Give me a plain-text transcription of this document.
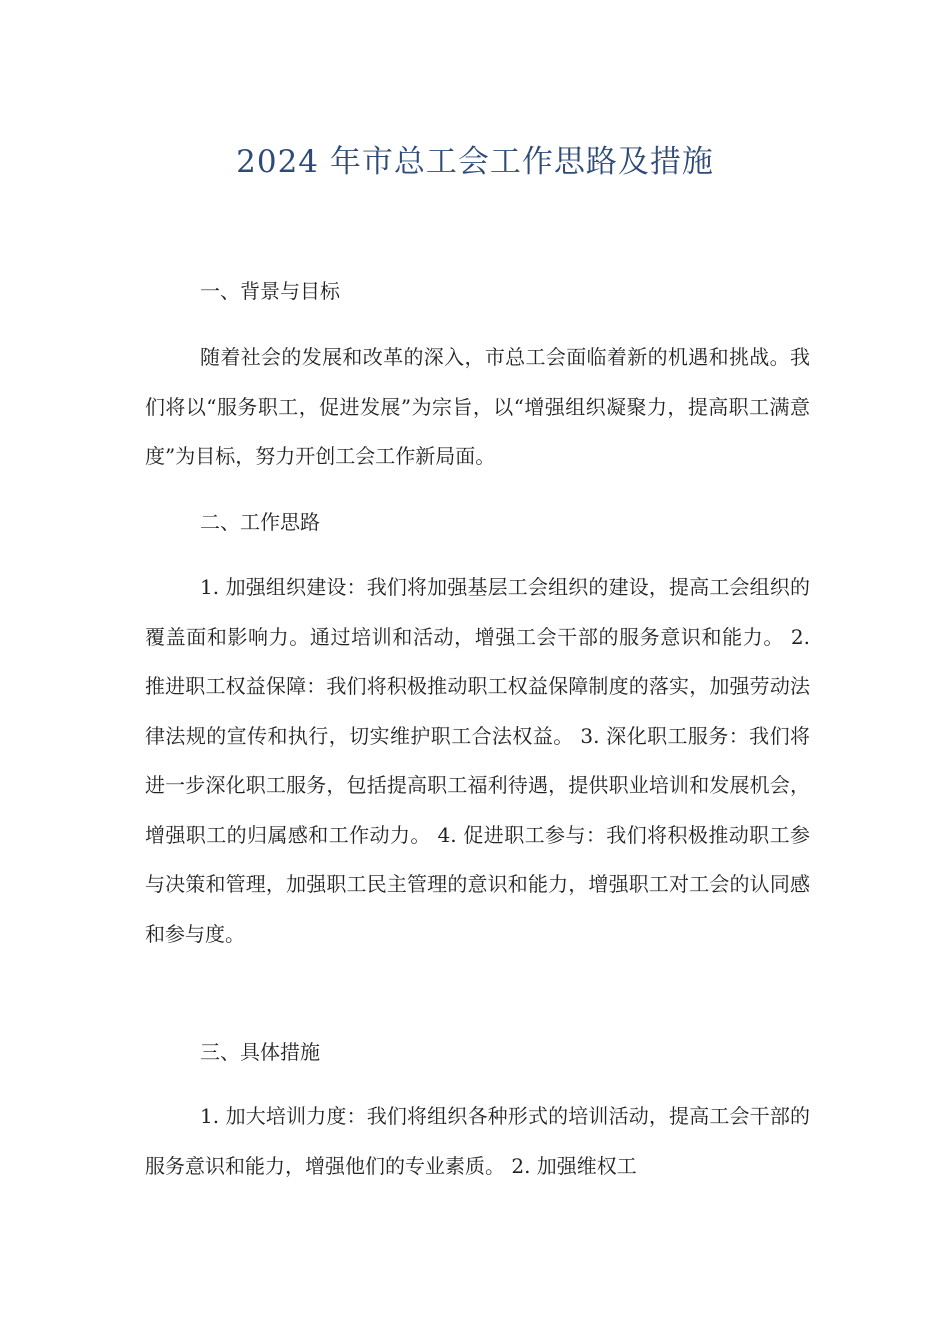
2024 年市总工会工作思路及措施
一、背景与目标

随着社会的发展和改革的深入，市总工会面临着新的机遇和挑战。我们将以“服务职工，促进发展”为宗旨，以“增强组织凝聚力，提高职工满意度”为目标，努力开创工会工作新局面。

二、工作思路

1. 加强组织建设：我们将加强基层工会组织的建设，提高工会组织的覆盖面和影响力。通过培训和活动，增强工会干部的服务意识和能力。 2. 推进职工权益保障：我们将积极推动职工权益保障制度的落实，加强劳动法律法规的宣传和执行，切实维护职工合法权益。 3. 深化职工服务：我们将进一步深化职工服务，包括提高职工福利待遇，提供职业培训和发展机会，增强职工的归属感和工作动力。 4. 促进职工参与：我们将积极推动职工参与决策和管理，加强职工民主管理的意识和能力，增强职工对工会的认同感和参与度。

三、具体措施

1. 加大培训力度：我们将组织各种形式的培训活动，提高工会干部的服务意识和能力，增强他们的专业素质。 2. 加强维权工
